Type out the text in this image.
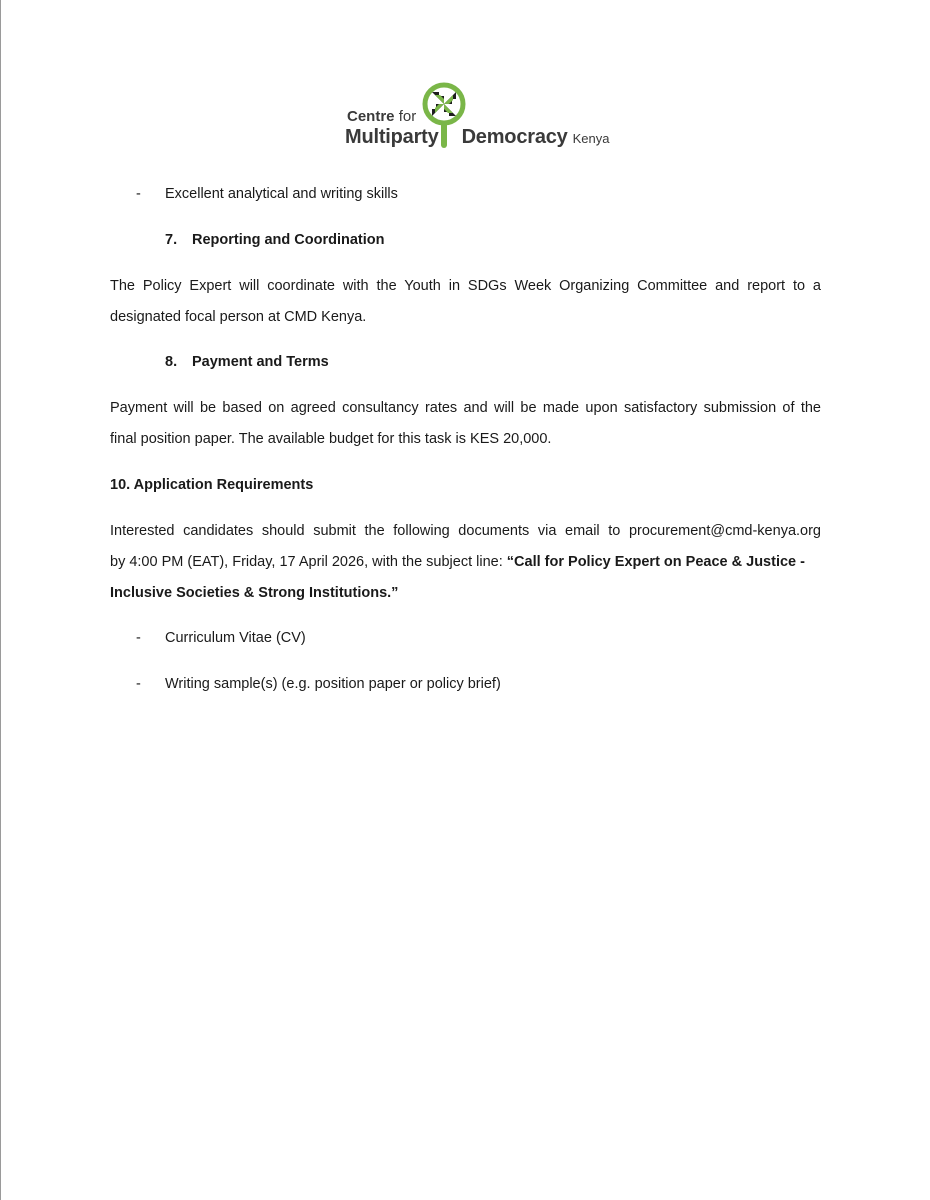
Centre for
Multiparty Democracy Kenya
- Excellent analytical and writing skills
7. Reporting and Coordination
The Policy Expert will coordinate with the Youth in SDGs Week Organizing Committee and report to a
designated focal person at CMD Kenya.
8. Payment and Terms
Payment will be based on agreed consultancy rates and will be made upon satisfactory submission of the
final position paper. The available budget for this task is KES 20,000.
10. Application Requirements
Interested candidates should submit the following documents via email to procurement@cmd-kenya.org
by 4:00 PM (EAT), Friday, 17 April 2026, with the subject line: “Call for Policy Expert on Peace & Justice -
Inclusive Societies & Strong Institutions.”
- Curriculum Vitae (CV)
- Writing sample(s) (e.g. position paper or policy brief)
